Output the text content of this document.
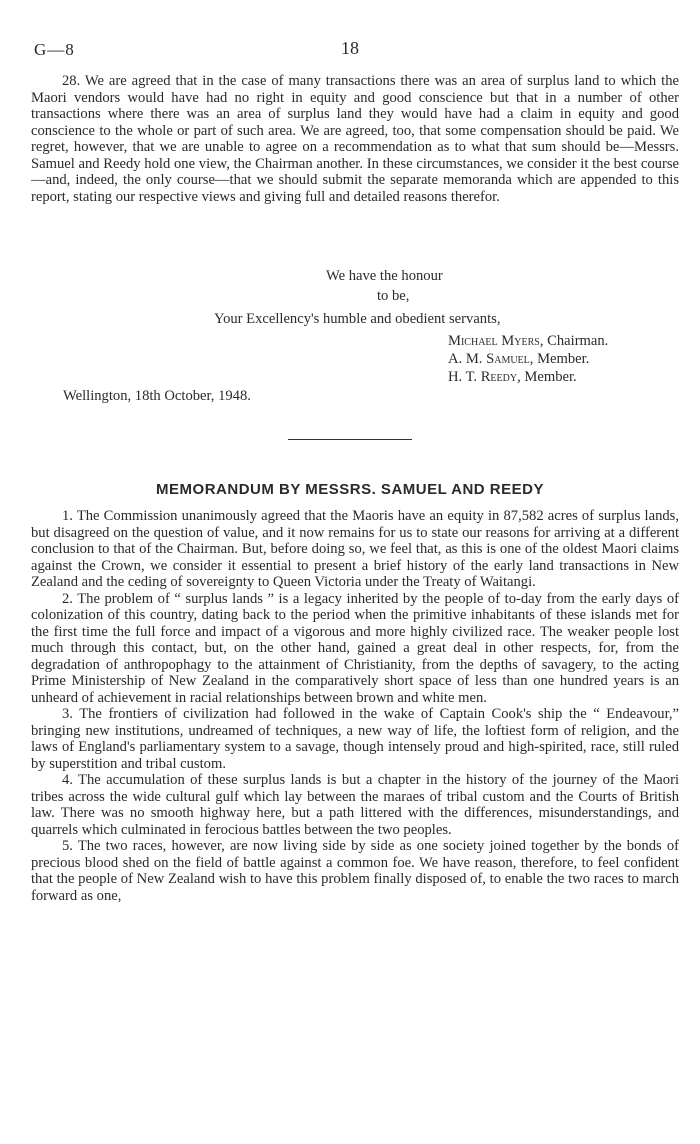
G—8	18

28. We are agreed that in the case of many transactions there was an area of surplus land to which the Maori vendors would have had no right in equity and good conscience but that in a number of other transactions where there was an area of surplus land they would have had a claim in equity and good conscience to the whole or part of such area. We are agreed, too, that some compensation should be paid. We regret, however, that we are unable to agree on a recommendation as to what that sum should be—Messrs. Samuel and Reedy hold one view, the Chairman another. In these circumstances, we consider it the best course—and, indeed, the only course—that we should submit the separate memoranda which are appended to this report, stating our respective views and giving full and detailed reasons therefor.

We have the honour
to be,
Your Excellency's humble and obedient servants,
Michael Myers, Chairman.
A. M. Samuel, Member.
H. T. Reedy, Member.
Wellington, 18th October, 1948.
MEMORANDUM BY MESSRS. SAMUEL AND REEDY

1. The Commission unanimously agreed that the Maoris have an equity in 87,582 acres of surplus lands, but disagreed on the question of value, and it now remains for us to state our reasons for arriving at a different conclusion to that of the Chairman. But, before doing so, we feel that, as this is one of the oldest Maori claims against the Crown, we consider it essential to present a brief history of the early land transactions in New Zealand and the ceding of sovereignty to Queen Victoria under the Treaty of Waitangi.

2. The problem of “ surplus lands ” is a legacy inherited by the people of to-day from the early days of colonization of this country, dating back to the period when the primitive inhabitants of these islands met for the first time the full force and impact of a vigorous and more highly civilized race. The weaker people lost much through this contact, but, on the other hand, gained a great deal in other respects, for, from the degradation of anthropophagy to the attainment of Christianity, from the depths of savagery, to the acting Prime Ministership of New Zealand in the comparatively short space of less than one hundred years is an unheard of achievement in racial relationships between brown and white men.

3. The frontiers of civilization had followed in the wake of Captain Cook's ship the “ Endeavour,” bringing new institutions, undreamed of techniques, a new way of life, the loftiest form of religion, and the laws of England's parliamentary system to a savage, though intensely proud and high-spirited, race, still ruled by superstition and tribal custom.

4. The accumulation of these surplus lands is but a chapter in the history of the journey of the Maori tribes across the wide cultural gulf which lay between the maraes of tribal custom and the Courts of British law. There was no smooth highway here, but a path littered with the differences, misunderstandings, and quarrels which culminated in ferocious battles between the two peoples.

5. The two races, however, are now living side by side as one society joined together by the bonds of precious blood shed on the field of battle against a common foe. We have reason, therefore, to feel confident that the people of New Zealand wish to have this problem finally disposed of, to enable the two races to march forward as one,
